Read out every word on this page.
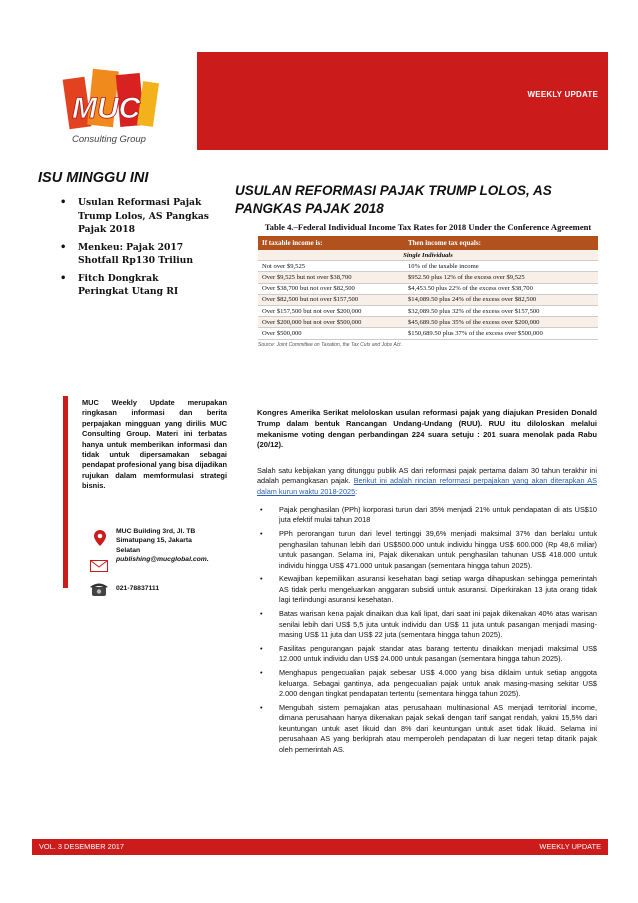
WEEKLY UPDATE
MUC
Consulting Group
ISU MINGGU INI
• Usulan Reformasi Pajak Trump Lolos, AS Pangkas Pajak 2018
• Menkeu: Pajak 2017 Shotfall Rp130 Triliun
• Fitch Dongkrak Peringkat Utang RI
MUC Weekly Update merupakan ringkasan informasi dan berita perpajakan mingguan yang dirilis MUC Consulting Group. Materi ini terbatas hanya untuk memberikan informasi dan tidak untuk dipersamakan sebagai pendapat profesional yang bisa dijadikan rujukan dalam memformulasi strategi bisnis.
MUC Building 3rd, Jl. TB
Simatupang 15, Jakarta
Selatan
publishing@mucglobal.com.
021-78837111
USULAN REFORMASI PAJAK TRUMP LOLOS, AS PANGKAS PAJAK 2018
Table 4.–Federal Individual Income Tax Rates for 2018 Under the Conference Agreement
If taxable income is:	Then income tax equals:
Single Individuals	
Not over $9,525	10% of the taxable income
Over $9,525 but not over $38,700	$952.50 plus 12% of the excess over $9,525
Over $38,700 but not over $82,500	$4,453.50 plus 22% of the excess over $38,700
Over $82,500 but not over $157,500	$14,089.50 plus 24% of the excess over $82,500
Over $157,500 but not over $200,000	$32,089.50 plus 32% of the excess over $157,500
Over $200,000 but not over $500,000	$45,689.50 plus 35% of the excess over $200,000
Over $500,000	$150,689.50 plus 37% of the excess over $500,000
Source: Joint Committee on Taxation, the Tax Cuts and Jobs Act.
Kongres Amerika Serikat meloloskan usulan reformasi pajak yang diajukan Presiden Donald Trump dalam bentuk Rancangan Undang-Undang (RUU). RUU itu diloloskan melalui mekanisme voting dengan perbandingan 224 suara setuju : 201 suara menolak pada Rabu (20/12).
Salah satu kebijakan yang ditunggu publik AS dari reformasi pajak pertama dalam 30 tahun terakhir ini adalah pemangkasan pajak. Berikut ini adalah rincian reformasi perpajakan yang akan diterapkan AS dalam kurun waktu 2018-2025:
• Pajak penghasilan (PPh) korporasi turun dari 35% menjadi 21% untuk pendapatan di ats US$10 juta efektif mulai tahun 2018
• PPh perorangan turun dari level tertinggi 39,6% menjadi maksimal 37% dan berlaku untuk penghasilan tahunan lebih dari US$500.000 untuk individu hingga US$ 600.000 (Rp 48,6 miliar) untuk pasangan. Selama ini, Pajak dikenakan untuk penghasilan tahunan US$ 418.000 untuk individu hingga US$ 471.000 untuk pasangan (sementara hingga tahun 2025).
• Kewajiban kepemilikan asuransi kesehatan bagi setiap warga dihapuskan sehingga pemerintah AS tidak perlu mengeluarkan anggaran subsidi untuk asuransi. Diperkirakan 13 juta orang tidak lagi terlindungi asuransi kesehatan.
• Batas warisan kena pajak dinaikan dua kali lipat, dari saat ini pajak dikenakan 40% atas warisan senilai lebih dari US$ 5,5 juta untuk individu dan US$ 11 juta untuk pasangan menjadi masing-masing US$ 11 juta dan US$ 22 juta (sementara hingga tahun 2025).
• Fasilitas pengurangan pajak standar atas barang tertentu dinaikkan menjadi maksimal US$ 12.000 untuk individu dan US$ 24.000 untuk pasangan (sementara hingga tahun 2025).
• Menghapus pengecualian pajak sebesar US$ 4.000 yang bisa diklaim untuk setiap anggota keluarga. Sebagai gantinya, ada pengecualian pajak untuk anak masing-masing sekitar US$ 2.000 dengan tingkat pendapatan tertentu (sementara hingga tahun 2025).
• Mengubah sistem pemajakan atas perusahaan multinasional AS menjadi territorial income, dimana perusahaan hanya dikenakan pajak sekali dengan tarif sangat rendah, yakni 15,5% dari keuntungan untuk aset likuid dan 8% dari keuntungan untuk aset tidak likuid. Selama ini perusahaan AS yang berkiprah atau memperoleh pendapatan di luar negeri tetap ditarik pajak oleh pemerintah AS.
VOL. 3 DESEMBER 2017	WEEKLY UPDATE
